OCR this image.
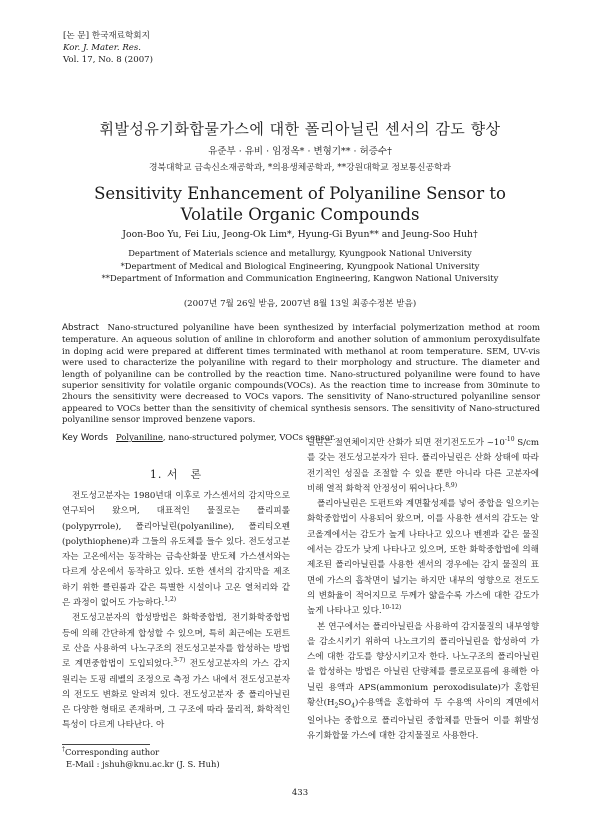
[논 문] 한국재료학회지
Kor. J. Mater. Res.
Vol. 17, No. 8 (2007)
휘발성유기화합물가스에 대한 폴리아닐린 센서의 감도 향상
유준부 · 유비 · 임정옥* · 변형기** · 허증수†
경북대학교 금속신소재공학과, *의용생체공학과, **강원대학교 정보통신공학과
Sensitivity Enhancement of Polyaniline Sensor to
Volatile Organic Compounds
Joon-Boo Yu, Fei Liu, Jeong-Ok Lim*, Hyung-Gi Byun** and Jeung-Soo Huh†
Department of Materials science and metallurgy, Kyungpook National University
*Department of Medical and Biological Engineering, Kyungpook National University
**Department of Information and Communication Engineering, Kangwon National University
(2007년 7월 26일 받음, 2007년 8월 13일 최종수정본 받음)
Abstract Nano-structured polyaniline have been synthesized by interfacial polymerization method at room temperature. An aqueous solution of aniline in chloroform and another solution of ammonium peroxydisulfate in doping acid were prepared at different times terminated with methanol at room temperature. SEM, UV-vis were used to characterize the polyaniline with regard to their morphology and structure. The diameter and length of polyaniline can be controlled by the reaction time. Nano-structured polyaniline were found to have superior sensitivity for volatile organic compounds(VOCs). As the reaction time to increase from 30minute to 2hours the sensitivity were decreased to VOCs vapors. The sensitivity of Nano-structured polyaniline sensor appeared to VOCs better than the sensitivity of chemical synthesis sensors. The sensitivity of Nano-structured polyaniline sensor improved benzene vapors.
Key Words Polyaniline, nano-structured polymer, VOCs sensor.
1. 서　론

전도성고분자는 1980년대 이후로 가스센서의 감지막으로 연구되어 왔으며, 대표적인 물질로는 폴리피롤(polypyrrole), 폴리아닐린(polyaniline), 폴리티오펜(polythiophene)과 그들의 유도체를 들수 있다. 전도성고분자는 고온에서는 동작하는 금속산화물 반도체 가스센서와는 다르게 상온에서 동작하고 있다. 또한 센서의 감지막을 제조하기 위한 클린룸과 같은 특별한 시설이나 고온 열처리와 같은 과정이 없어도 가능하다.$^{1,2)}$

전도성고분자의 합성방법은 화학중합법, 전기화학중합법 등에 의해 간단하게 합성할 수 있으며, 특히 최근에는 도펀트로 산을 사용하여 나노구조의 전도성고분자를 합성하는 방법로 계면중합법이 도입되었다.$^{3-7)}$ 전도성고분자의 가스 감지 원리는 도핑 레벨의 조정으로 측정 가스 내에서 전도성고분자의 전도도 변화로 알려져 있다. 전도성고분자 중 폴리아닐린은 다양한 형태로 존재하며, 그 구조에 따라 물리적, 화학적인 특성이 다르게 나타난다. 아

닐린은 절연체이지만 산화가 되면 전기전도도가 $\sim 10^{-10}$ S/cm를 갖는 전도성고분자가 된다. 폴리아닐린은 산화 상태에 따라 전기적인 성질을 조절할 수 있을 뿐만 아니라 다른 고분자에 비해 열적 화학적 안정성이 뛰어나다.$^{8,9)}$

폴리아닐린은 도펀트와 계면활성제를 넣어 중합을 일으키는 화학중합법이 사용되어 왔으며, 이를 사용한 센서의 감도는 알코올계에서는 감도가 높게 나타나고 있으나 벤젠과 같은 물질에서는 감도가 낮게 나타나고 있으며, 또한 화학중합법에 의해 제조된 폴리아닐린를 사용한 센서의 경우에는 감지 물질의 표면에 가스의 흡착면이 넓기는 하지만 내부의 영향으로 전도도의 변화율이 적어지므로 두께가 얇을수록 가스에 대한 감도가 높게 나타나고 있다.$^{10-12)}$

본 연구에서는 폴리아닐린을 사용하여 감지물질의 내부영향을 감소시키기 위하여 나노크기의 폴리아닐린을 합성하여 가스에 대한 감도를 향상시키고자 한다. 나노구조의 폴리아닐린을 합성하는 방법은 아닐린 단량체를 클로로포름에 용해한 아닐린 용액과 APS(ammonium peroxodisulate)가 혼합된 황산$(H_2SO_4)$수용액을 혼합하여 두 수용액 사이의 계면에서 일어나는 중합으로 폴리아닐린 중합체를 만들어 이를 휘발성유기화합물 가스에 대한 감지물질로 사용한다.

†Corresponding author
E-Mail : jshuh@knu.ac.kr (J. S. Huh)
433
